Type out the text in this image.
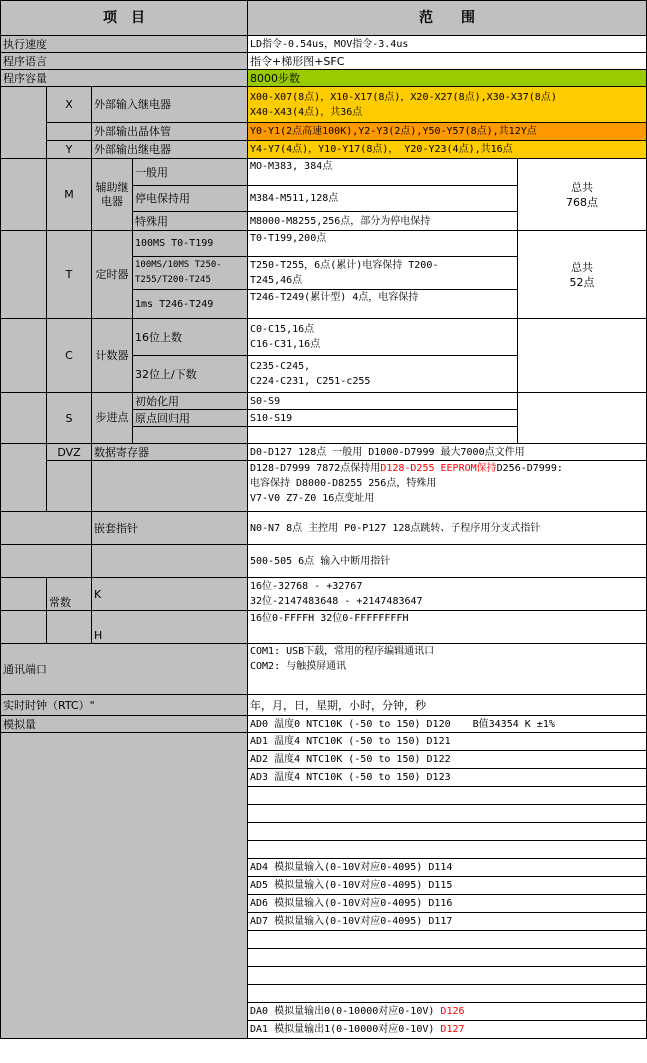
项　目				范　　围	
执行速度				LD指令-0.54us，MOV指令-3.4us	
程序语言				指令+梯形图+SFC	
程序容量				8000步数	
	X	外部输入继电器		X00-X07(8点)，X10-X17(8点)，X20-X27(8点),X30-X37(8点)
X40-X43(4点)，共36点	

		外部输出晶体管		Y0-Y1(2点高速100K),Y2-Y3(2点),Y50-Y57(8点),共12Y点	
	Y	外部输出继电器		Y4-Y7(4点)，Y10-Y17(8点)， Y20-Y23(4点),共16点	
	M	辅助继电器	一般用	MO-M383, 384点	总共
768点

			停电保持用	M384-M511,128点	
			特殊用	M8000-M8255,256点，部分为停电保持	
	T	定时器	100MS T0-T199	T0-T199,200点	总共
52点

			100MS/10MS T250-
T255/T200-T245	T250-T255，6点(累计)电容保持 T200-
T245,46点	

			1ms T246-T249	T246-T249(累计型) 4点，电容保持	
	C	计数器	16位上数	C0-C15,16点
C16-C31,16点	

			32位上/下数	C235-C245,
C224-C231, C251-c255	

	S	步进点	初始化用	S0-S9	
			原点回归用	S10-S19	

	DVZ	数据寄存器		D0-D127 128点 一般用 D1000-D7999 最大7000点文件用	

				D128-D7999 7872点保持用D128-D255 EEPROM保持D256-D7999:
电容保持 D8000-D8255 256点，特殊用
V7-V0 Z7-Z0 16点变址用	

		嵌套指针		N0-N7 8点 主控用 P0-P127 128点跳转、子程序用分支式指针	
				500-505 6点 输入中断用指针	
	常数	K		16位-32768 - +32767
32位-2147483648 - +2147483647	

		H		16位0-FFFFH 32位0-FFFFFFFFH	
通讯端口				COM1: USB下载，常用的程序编辑通讯口
COM2: 与触摸屏通讯	

实时时钟（RTC）"				年，月，日，星期，小时，分钟，秒	
模拟量				AD0 温度0 NTC10K (-50 to 150) D120 B值34354 K ±1%	
				AD1 温度4 NTC10K (-50 to 150) D121	
				AD2 温度4 NTC10K (-50 to 150) D122	
				AD3 温度4 NTC10K (-50 to 150) D123	

				AD4 模拟量输入(0-10V对应0-4095) D114	
				AD5 模拟量输入(0-10V对应0-4095) D115	
				AD6 模拟量输入(0-10V对应0-4095) D116	
				AD7 模拟量输入(0-10V对应0-4095) D117	

				DA0 模拟量输出0(0-10000对应0-10V) D126	
				DA1 模拟量输出1(0-10000对应0-10V) D127	
